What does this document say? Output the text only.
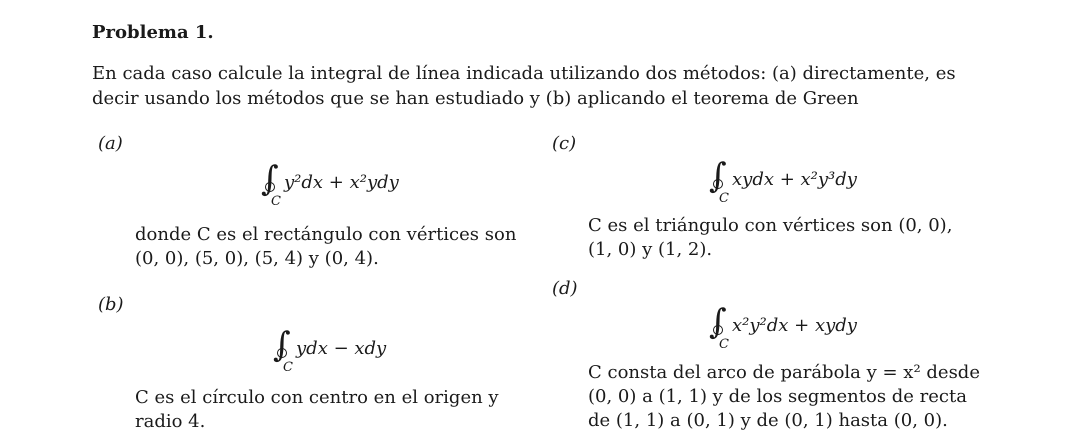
Problema 1.
En cada caso calcule la integral de línea indicada utilizando dos métodos: (a) directamente, es decir usando los métodos que se han estudiado y (b) aplicando el teorema de Green
(a)
∫
C
y²dx + x²ydy
donde C es el rectángulo con vértices son (0, 0), (5, 0), (5, 4) y (0, 4).
(b)
∫
C
ydx − xdy
C es el círculo con centro en el origen y radio 4.
(c)
∫
C
xydx + x²y³dy
C es el triángulo con vértices son (0, 0), (1, 0) y (1, 2).
(d)
∫
C
x²y²dx + xydy
C consta del arco de parábola y = x² desde (0, 0) a (1, 1) y de los segmentos de recta de (1, 1) a (0, 1) y de (0, 1) hasta (0, 0).
